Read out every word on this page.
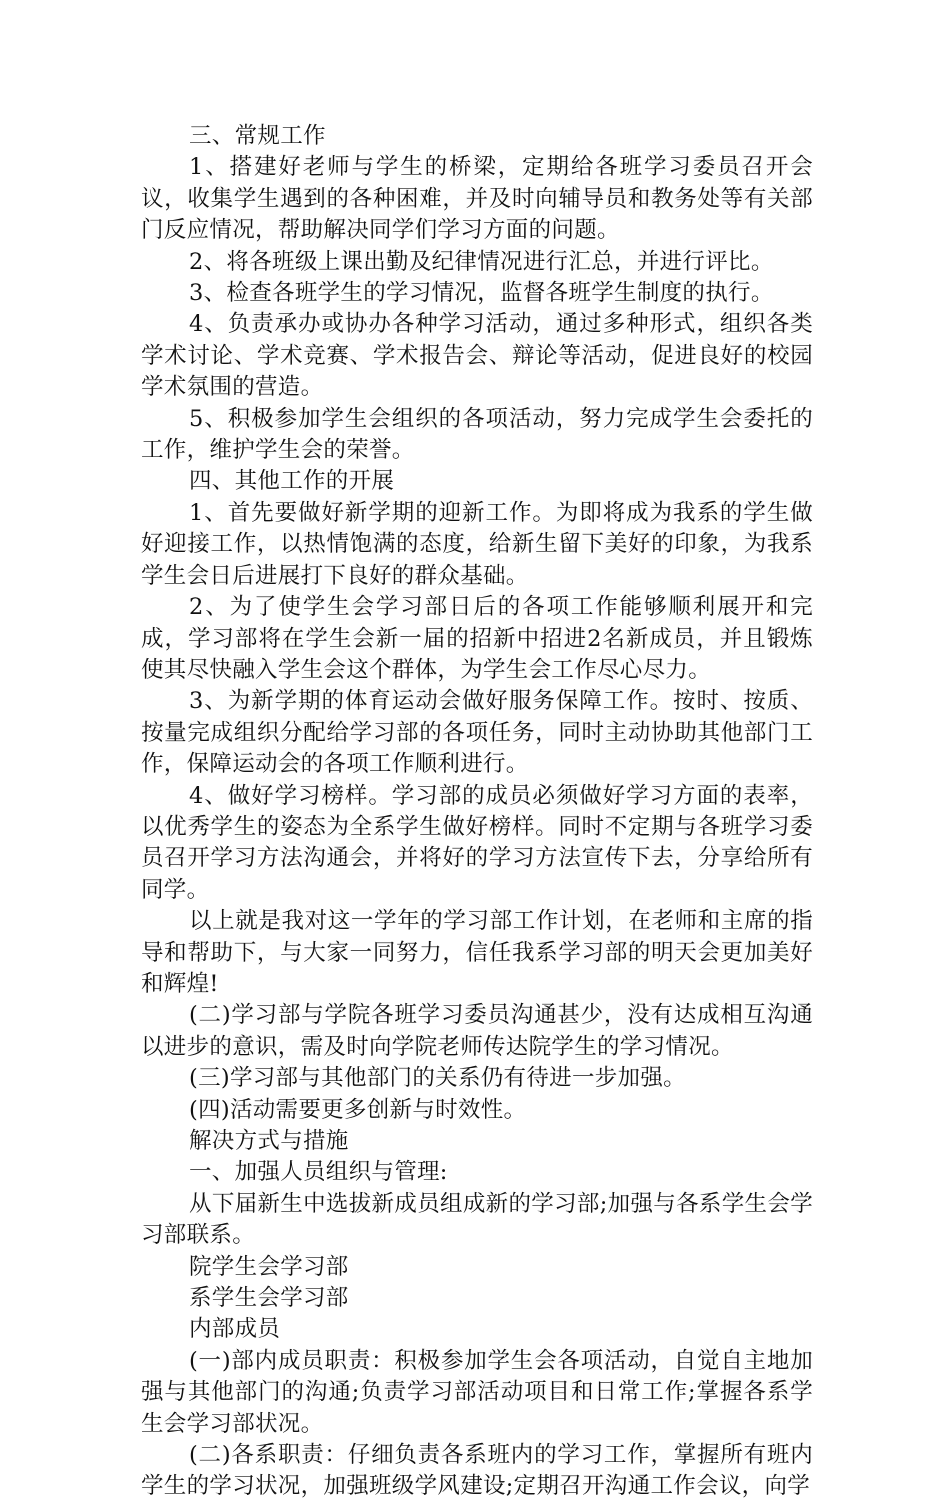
三、常规工作

1、搭建好老师与学生的桥梁，定期给各班学习委员召开会议，收集学生遇到的各种困难，并及时向辅导员和教务处等有关部门反应情况，帮助解决同学们学习方面的问题。

2、将各班级上课出勤及纪律情况进行汇总，并进行评比。

3、检查各班学生的学习情况，监督各班学生制度的执行。

4、负责承办或协办各种学习活动，通过多种形式，组织各类学术讨论、学术竞赛、学术报告会、辩论等活动，促进良好的校园学术氛围的营造。

5、积极参加学生会组织的各项活动，努力完成学生会委托的工作，维护学生会的荣誉。

四、其他工作的开展

1、首先要做好新学期的迎新工作。为即将成为我系的学生做好迎接工作，以热情饱满的态度，给新生留下美好的印象，为我系学生会日后进展打下良好的群众基础。

2、为了使学生会学习部日后的各项工作能够顺利展开和完成，学习部将在学生会新一届的招新中招进2名新成员，并且锻炼使其尽快融入学生会这个群体，为学生会工作尽心尽力。

3、为新学期的体育运动会做好服务保障工作。按时、按质、按量完成组织分配给学习部的各项任务，同时主动协助其他部门工作，保障运动会的各项工作顺利进行。

4、做好学习榜样。学习部的成员必须做好学习方面的表率，以优秀学生的姿态为全系学生做好榜样。同时不定期与各班学习委员召开学习方法沟通会，并将好的学习方法宣传下去，分享给所有同学。

以上就是我对这一学年的学习部工作计划，在老师和主席的指导和帮助下，与大家一同努力，信任我系学习部的明天会更加美好和辉煌!

(二)学习部与学院各班学习委员沟通甚少，没有达成相互沟通以进步的意识，需及时向学院老师传达院学生的学习情况。

(三)学习部与其他部门的关系仍有待进一步加强。

(四)活动需要更多创新与时效性。

解决方式与措施

一、加强人员组织与管理:

从下届新生中选拔新成员组成新的学习部;加强与各系学生会学习部联系。

院学生会学习部

系学生会学习部

内部成员

(一)部内成员职责：积极参加学生会各项活动，自觉自主地加强与其他部门的沟通;负责学习部活动项目和日常工作;掌握各系学生会学习部状况。

(二)各系职责：仔细负责各系班内的学习工作，掌握所有班内学生的学习状况，加强班级学风建设;定期召开沟通工作会议，向学
